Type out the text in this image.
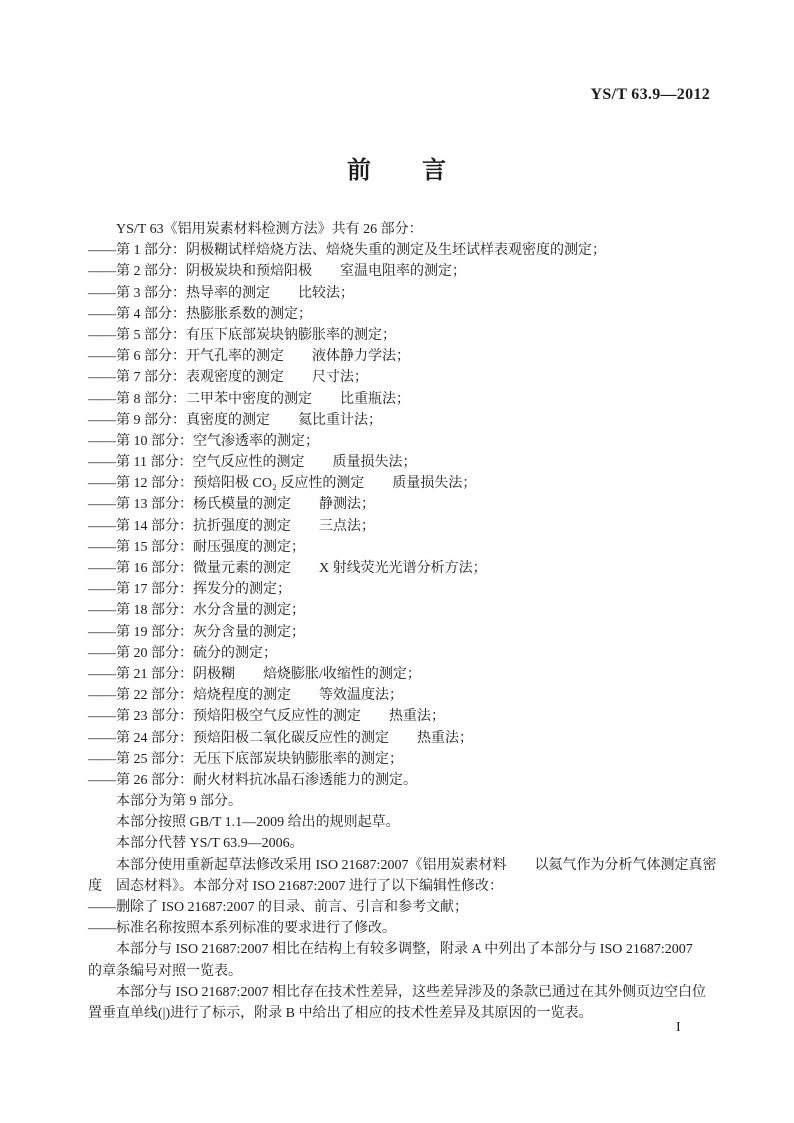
YS/T 63.9—2012
前　　言
YS/T 63《铝用炭素材料检测方法》共有 26 部分：
——第 1 部分：阴极糊试样焙烧方法、焙烧失重的测定及生坯试样表观密度的测定；
——第 2 部分：阴极炭块和预焙阳极　　室温电阻率的测定；
——第 3 部分：热导率的测定　　比较法；
——第 4 部分：热膨胀系数的测定；
——第 5 部分：有压下底部炭块钠膨胀率的测定；
——第 6 部分：开气孔率的测定　　液体静力学法；
——第 7 部分：表观密度的测定　　尺寸法；
——第 8 部分：二甲苯中密度的测定　　比重瓶法；
——第 9 部分：真密度的测定　　氦比重计法；
——第 10 部分：空气渗透率的测定；
——第 11 部分：空气反应性的测定　　质量损失法；
——第 12 部分：预焙阳极 CO₂ 反应性的测定　　质量损失法；
——第 13 部分：杨氏模量的测定　　静测法；
——第 14 部分：抗折强度的测定　　三点法；
——第 15 部分：耐压强度的测定；
——第 16 部分：微量元素的测定　　X 射线荧光光谱分析方法；
——第 17 部分：挥发分的测定；
——第 18 部分：水分含量的测定；
——第 19 部分：灰分含量的测定；
——第 20 部分：硫分的测定；
——第 21 部分：阴极糊　　焙烧膨胀/收缩性的测定；
——第 22 部分：焙烧程度的测定　　等效温度法；
——第 23 部分：预焙阳极空气反应性的测定　　热重法；
——第 24 部分：预焙阳极二氧化碳反应性的测定　　热重法；
——第 25 部分：无压下底部炭块钠膨胀率的测定；
——第 26 部分：耐火材料抗冰晶石渗透能力的测定。
本部分为第 9 部分。
本部分按照 GB/T 1.1—2009 给出的规则起草。
本部分代替 YS/T 63.9—2006。
本部分使用重新起草法修改采用 ISO 21687:2007《铝用炭素材料　　以氦气作为分析气体测定真密
度　固态材料》。本部分对 ISO 21687:2007 进行了以下编辑性修改：
——删除了 ISO 21687:2007 的目录、前言、引言和参考文献；
——标准名称按照本系列标准的要求进行了修改。
本部分与 ISO 21687:2007 相比在结构上有较多调整，附录 A 中列出了本部分与 ISO 21687:2007
的章条编号对照一览表。
本部分与 ISO 21687:2007 相比存在技术性差异，这些差异涉及的条款已通过在其外侧页边空白位
置垂直单线(|)进行了标示，附录 B 中给出了相应的技术性差异及其原因的一览表。
I
